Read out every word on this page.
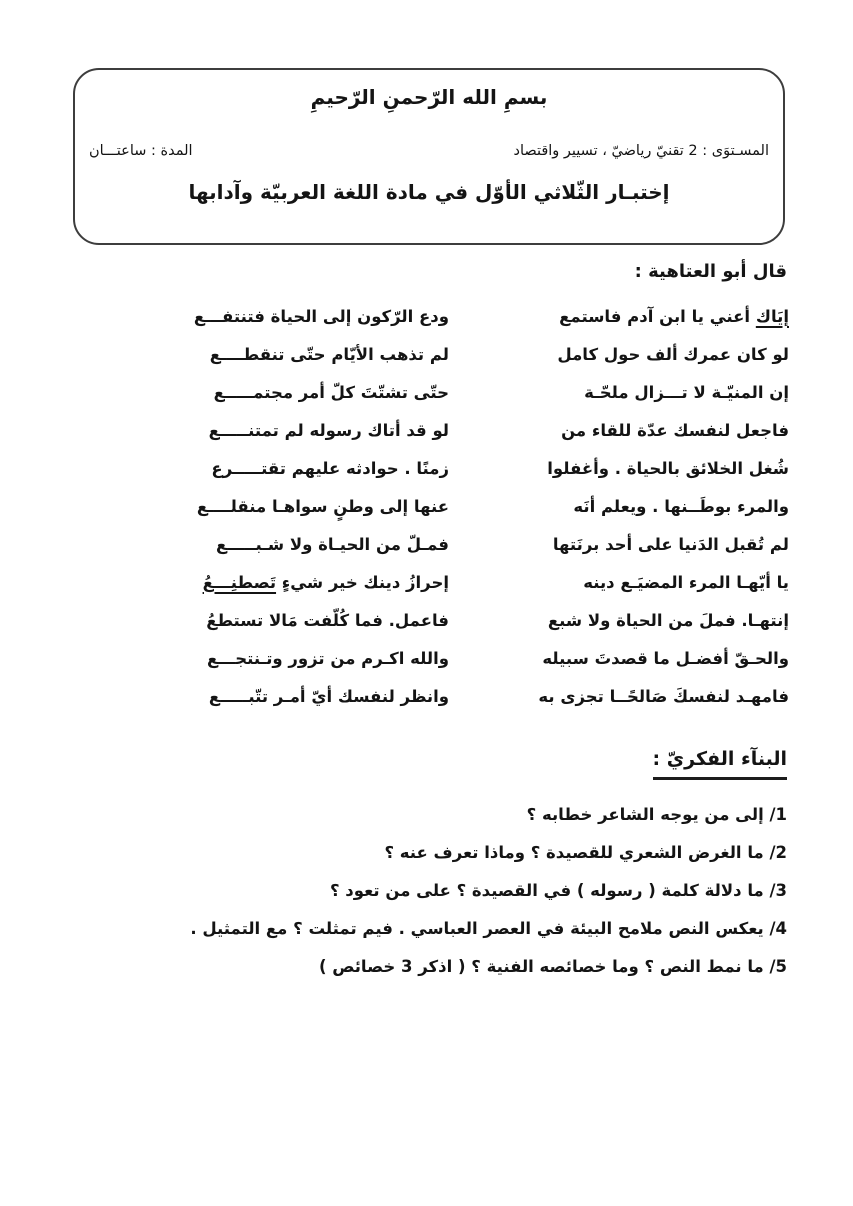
بسمِ الله الرّحمنِ الرّحيمِ
المسـتوَى : 2 تقنيّ رياضيّ ، تسيير واقتصاد
المدة : ساعتـــان
إختبـار الثّلاثي الأوّل في مادة اللغة العربيّة وآدابها
قال أبو العتاهية :
إيَاك أعني يا ابن آدم فاستمع
ودع الرّكون إلى الحياة فتنتفـــع
لو كان عمرك ألف حول كامل
لم تذهب الأيّام حتّى تنقطــــع
إن المنيّـة لا تـــزال ملحّـة
حتّى تشتّتَ كلّ أمر مجتمـــــع
فاجعل لنفسك عدّة للقاء من
لو قد أتاك رسوله لم تمتنـــــع
شُغل الخلائق بالحياة . وأغفلوا
زمنًا . حوادثه عليهم تقتـــــرع
والمرء بوطَــنها . ويعلم أنَه
عنها إلى وطنٍ سواهـا منقلــــع
لم تُقبل الدَنيا على أحد برنَتها
فمـلّ من الحيـاة ولا شـبـــــع
يا أيّهـا المرء المضيَـع دينه
إحرازُ دينك خير شيءٍ تَصطنِـــعُ
إنتهـا. فملَ من الحياة ولا شبع
فاعمل. فما كُلّفت مَالا تستطعُ
والحـقّ أفضـل ما قصدتَ سبيله
والله اكـرم من تزور وتـنتجـــع
فامهـد لنفسكَ صَالحًــا تجزى به
وانظر لنفسك أيّ أمـر تتّبـــــع
البنآء الفكريّ :
1/ إلى من يوجه الشاعر خطابه ؟
2/ ما الغرض الشعري للقصيدة ؟ وماذا تعرف عنه ؟
3/ ما دلالة كلمة ( رسوله ) في القصيدة ؟ على من تعود ؟
4/ يعكس النص ملامح البيئة في العصر العباسي . فيم تمثلت ؟ مع التمثيل .
5/ ما نمط النص ؟ وما خصائصه الفنية ؟ ( اذكر 3 خصائص )
